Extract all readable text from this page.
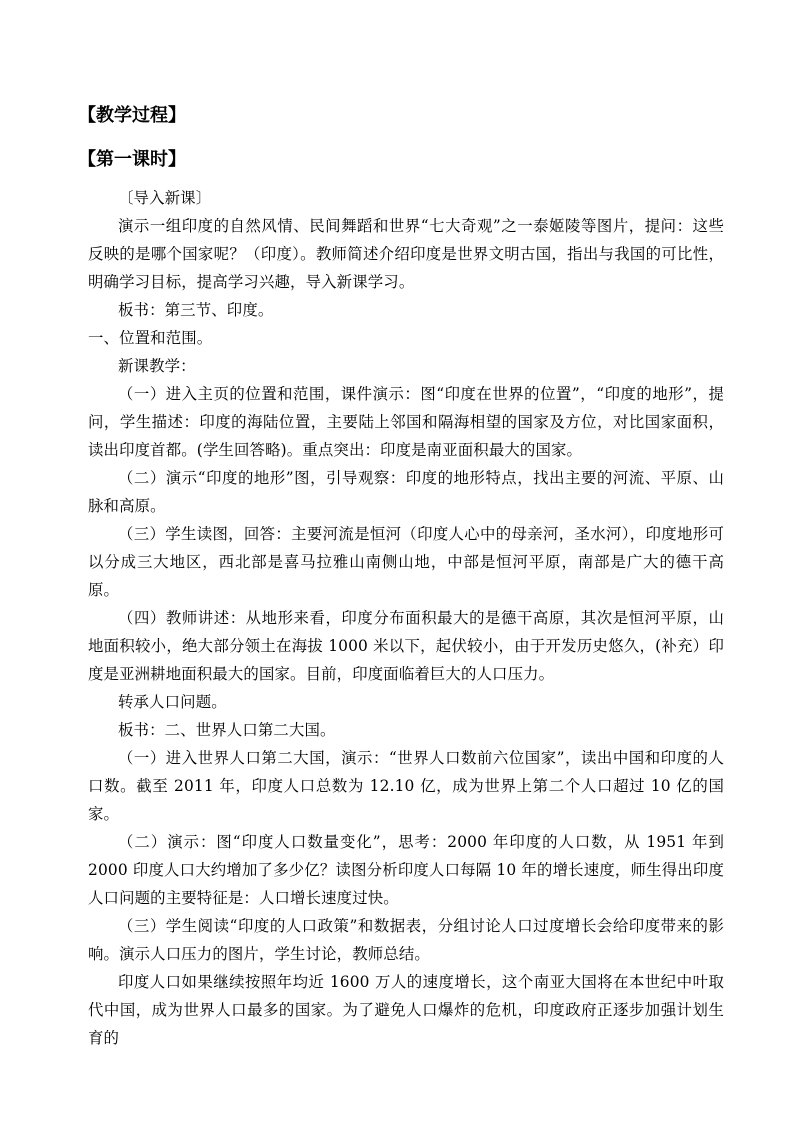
【教学过程】
【第一课时】

〔导入新课〕

演示一组印度的自然风情、民间舞蹈和世界“七大奇观”之一泰姬陵等图片，提问：这些反映的是哪个国家呢？（印度）。教师简述介绍印度是世界文明古国，指出与我国的可比性，明确学习目标，提高学习兴趣，导入新课学习。

板书：第三节、印度。

一、位置和范围。

新课教学：

（一）进入主页的位置和范围，课件演示：图“印度在世界的位置”，“印度的地形”，提问，学生描述：印度的海陆位置，主要陆上邻国和隔海相望的国家及方位，对比国家面积，读出印度首都。(学生回答略)。重点突出：印度是南亚面积最大的国家。

（二）演示“印度的地形”图，引导观察：印度的地形特点，找出主要的河流、平原、山脉和高原。

（三）学生读图，回答：主要河流是恒河（印度人心中的母亲河，圣水河），印度地形可以分成三大地区，西北部是喜马拉雅山南侧山地，中部是恒河平原，南部是广大的德干高原。

（四）教师讲述：从地形来看，印度分布面积最大的是德干高原，其次是恒河平原，山地面积较小，绝大部分领土在海拔 1000 米以下，起伏较小，由于开发历史悠久，(补充）印度是亚洲耕地面积最大的国家。目前，印度面临着巨大的人口压力。

转承人口问题。

板书：二、世界人口第二大国。

（一）进入世界人口第二大国，演示：“世界人口数前六位国家”，读出中国和印度的人口数。截至 2011 年，印度人口总数为 12.10 亿，成为世界上第二个人口超过 10 亿的国家。

（二）演示：图“印度人口数量变化”，思考：2000 年印度的人口数，从 1951 年到 2000 印度人口大约增加了多少亿？读图分析印度人口每隔 10 年的增长速度，师生得出印度人口问题的主要特征是：人口增长速度过快。

（三）学生阅读“印度的人口政策”和数据表，分组讨论人口过度增长会给印度带来的影响。演示人口压力的图片，学生讨论，教师总结。

印度人口如果继续按照年均近 1600 万人的速度增长，这个南亚大国将在本世纪中叶取代中国，成为世界人口最多的国家。为了避免人口爆炸的危机，印度政府正逐步加强计划生育的
